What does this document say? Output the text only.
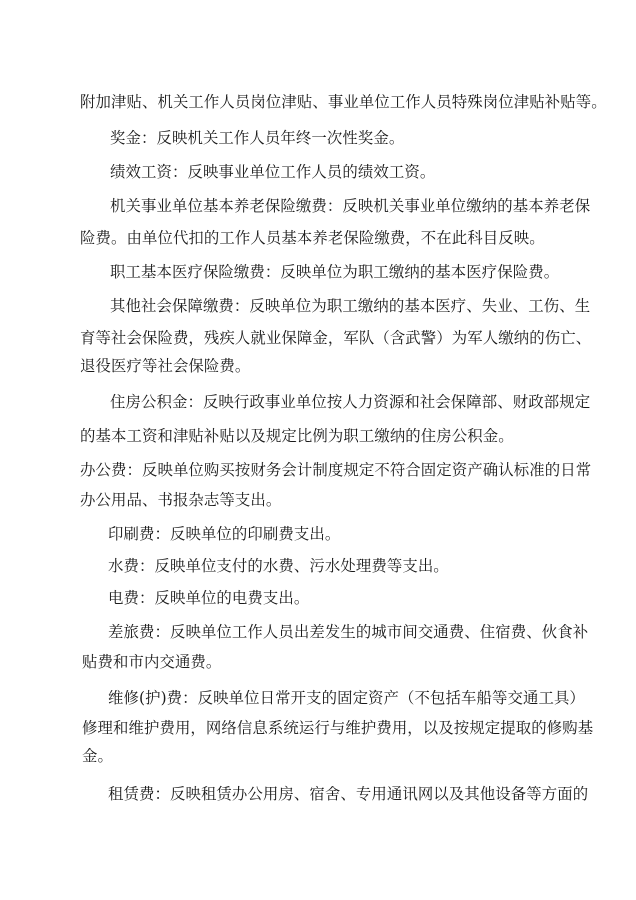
附加津贴、机关工作人员岗位津贴、事业单位工作人员特殊岗位津贴补贴等。
奖金：反映机关工作人员年终一次性奖金。
绩效工资：反映事业单位工作人员的绩效工资。
机关事业单位基本养老保险缴费：反映机关事业单位缴纳的基本养老保
险费。由单位代扣的工作人员基本养老保险缴费，不在此科目反映。
职工基本医疗保险缴费：反映单位为职工缴纳的基本医疗保险费。
其他社会保障缴费：反映单位为职工缴纳的基本医疗、失业、工伤、生
育等社会保险费，残疾人就业保障金，军队（含武警）为军人缴纳的伤亡、
退役医疗等社会保险费。
住房公积金：反映行政事业单位按人力资源和社会保障部、财政部规定
的基本工资和津贴补贴以及规定比例为职工缴纳的住房公积金。
办公费：反映单位购买按财务会计制度规定不符合固定资产确认标准的日常
办公用品、书报杂志等支出。
印刷费：反映单位的印刷费支出。
水费：反映单位支付的水费、污水处理费等支出。
电费：反映单位的电费支出。
差旅费：反映单位工作人员出差发生的城市间交通费、住宿费、伙食补
贴费和市内交通费。
维修(护)费：反映单位日常开支的固定资产（不包括车船等交通工具）
修理和维护费用，网络信息系统运行与维护费用，以及按规定提取的修购基
金。
租赁费：反映租赁办公用房、宿舍、专用通讯网以及其他设备等方面的
